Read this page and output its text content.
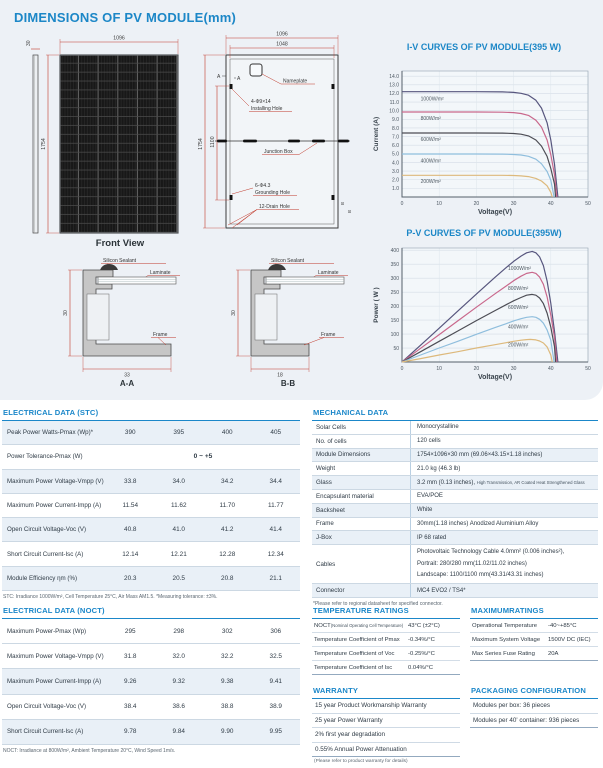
DIMENSIONS OF PV MODULE(mm)
30
1096
1754
Front View
1096
1048
1754 1100
A	A	Nameplate
4-Φ9×14
Installing Hole
Junction Box
6-Φ4.3
Grounding Hole
12-Drain Hole
B
B
Silicon Sealant
Laminate
30
Frame
33
A-A
Silicon Sealant
Laminate
30
Frame
18
B-B
I-V CURVES OF PV MODULE(395 W)
1.0
2.0
3.0
4.0
5.0
6.0
7.0
8.0
9.0
10.0
11.0
12.0
13.0
14.0
0	10	20	30	40	50
1000W/m²
800W/m²
600W/m²
400W/m²
200W/m²
Voltage(V)
Current (A)
P-V CURVES OF PV MODULE(395W)
50
100
150
200
250
300
350
400
0	10	20	30	40	50
1000W/m²
800W/m²
600W/m²
400W/m²
200W/m²
Voltage(V)
Power ( W )
ELECTRICAL DATA (STC)
Peak Power Watts-Pmax (Wp)*	390	395	400	405
Power Tolerance-Pmax (W)	0 ~ +5
Maximum Power Voltage-Vmpp (V)	33.8	34.0	34.2	34.4
Maximum Power Current-Impp (A)	11.54	11.62	11.70	11.77
Open Circuit Voltage-Voc (V)	40.8	41.0	41.2	41.4
Short Circuit Current-Isc (A)	12.14	12.21	12.28	12.34
Module Efficiency ηm (%)	20.3	20.5	20.8	21.1
STC: Irradiance 1000W/m², Cell Temperature 25°C, Air Mass AM1.5. *Measuring tolerance: ±3%.
ELECTRICAL DATA (NOCT)
Maximum Power-Pmax (Wp)	295	298	302	306
Maximum Power Voltage-Vmpp (V)	31.8	32.0	32.2	32.5
Maximum Power Current-Impp (A)	9.26	9.32	9.38	9.41
Open Circuit Voltage-Voc (V)	38.4	38.6	38.8	38.9
Short Circuit Current-Isc (A)	9.78	9.84	9.90	9.95
NOCT: Irradiance at 800W/m², Ambient Temperature 20°C, Wind Speed 1m/s.
MECHANICAL DATA
Solar Cells	Monocrystalline
No. of cells	120 cells
Module Dimensions	1754×1096×30 mm (69.06×43.15×1.18 inches)
Weight	21.0 kg (46.3 lb)
Glass	3.2 mm (0.13 inches), High Transmission, AR Coated Heat Strengthened Glass
Encapsulant material	EVA/POE
Backsheet	White
Frame	30mm(1.18 inches) Anodized Aluminium Alloy
J-Box	IP 68 rated
Cables
Photovoltaic Technology Cable 4.0mm² (0.006 inches²),
Portrait: 280/280 mm(11.02/11.02 inches)
Landscape: 1100/1100 mm(43.31/43.31 inches)
Connector	MC4 EVO2 / TS4*
*Please refer to regional datasheet for specified connector.
TEMPERATURE RATINGS
NOCT(Nominal Operating Cell Temperature) 43°C (±2°C)
Temperature Coefficient of Pmax	-0.34%/°C
Temperature Coefficient of Voc	-0.25%/°C
Temperature Coefficient of Isc	0.04%/°C
MAXIMUMRATINGS
Operational Temperature	-40~+85°C
Maximum System Voltage	1500V DC (IEC)
Max Series Fuse Rating	20A
WARRANTY
15 year Product Workmanship Warranty
25 year Power Warranty
2% first year degradation
0.55% Annual Power Attenuation
(Please refer to product warranty for details)
PACKAGING CONFIGURATION
Modules per box: 36 pieces
Modules per 40' container: 936 pieces
